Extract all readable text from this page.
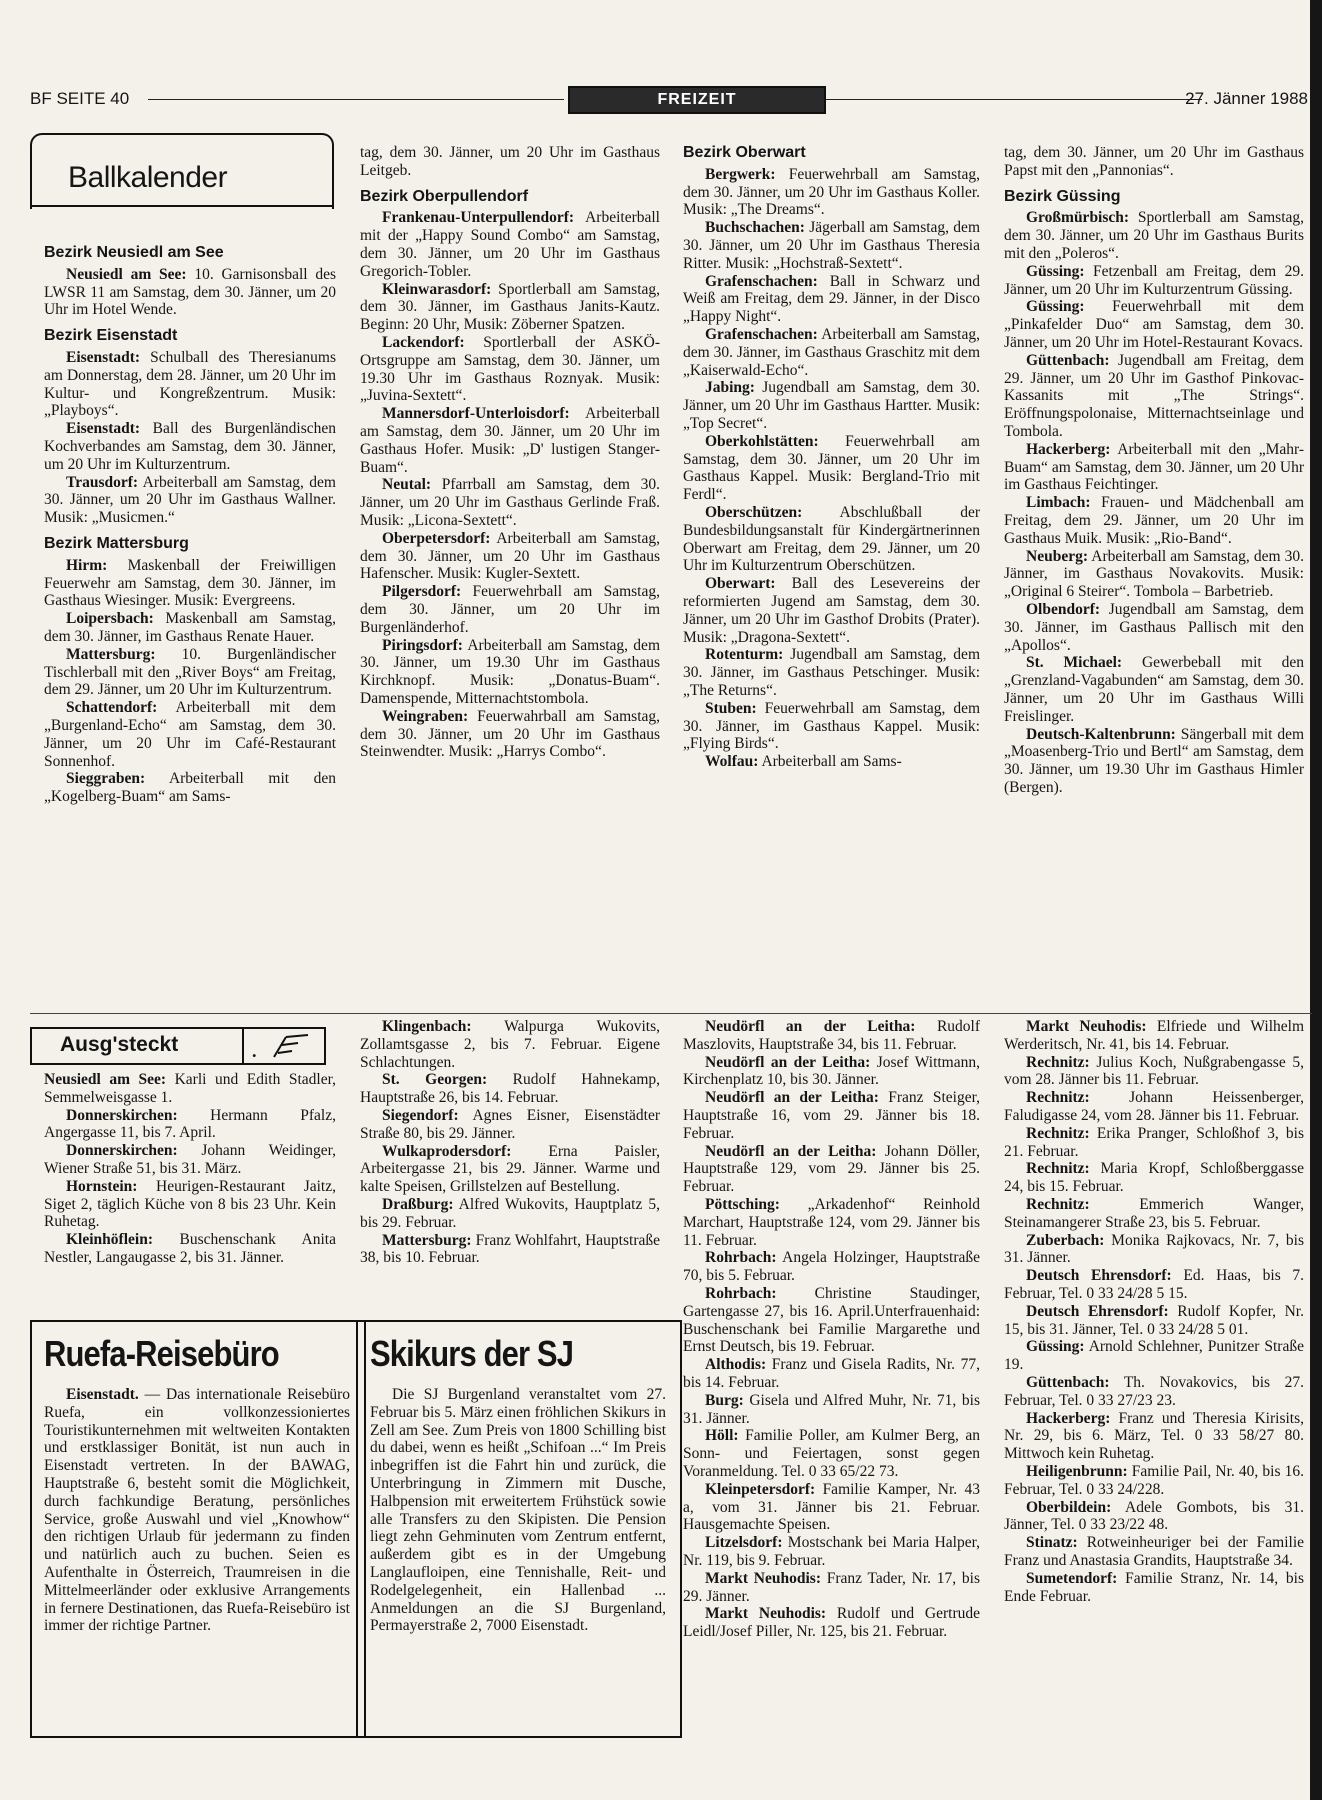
BF SEITE 40	FREIZEIT	27. Jänner 1988
Ballkalender
Bezirk Neusiedl am See

Neusiedl am See: 10. Garnisonsball des LWSR 11 am Samstag, dem 30. Jänner, um 20 Uhr im Hotel Wende.

Bezirk Eisenstadt

Eisenstadt: Schulball des Theresianums am Donnerstag, dem 28. Jänner, um 20 Uhr im Kultur- und Kongreßzentrum. Musik: „Playboys“.

Eisenstadt: Ball des Burgenländischen Kochverbandes am Samstag, dem 30. Jänner, um 20 Uhr im Kulturzentrum.

Trausdorf: Arbeiterball am Samstag, dem 30. Jänner, um 20 Uhr im Gasthaus Wallner. Musik: „Musicmen.“

Bezirk Mattersburg

Hirm: Maskenball der Freiwilligen Feuerwehr am Samstag, dem 30. Jänner, im Gasthaus Wiesinger. Musik: Evergreens.

Loipersbach: Maskenball am Samstag, dem 30. Jänner, im Gasthaus Renate Hauer.

Mattersburg: 10. Burgenländischer Tischlerball mit den „River Boys“ am Freitag, dem 29. Jänner, um 20 Uhr im Kulturzentrum.

Schattendorf: Arbeiterball mit dem „Burgenland-Echo“ am Samstag, dem 30. Jänner, um 20 Uhr im Café-Restaurant Sonnenhof.

Sieggraben: Arbeiterball mit den „Kogelberg-Buam“ am Sams-

tag, dem 30. Jänner, um 20 Uhr im Gasthaus Leitgeb.

Bezirk Oberpullendorf

Frankenau-Unterpullendorf: Arbeiterball mit der „Happy Sound Combo“ am Samstag, dem 30. Jänner, um 20 Uhr im Gasthaus Gregorich-Tobler.

Kleinwarasdorf: Sportlerball am Samstag, dem 30. Jänner, im Gasthaus Janits-Kautz. Beginn: 20 Uhr, Musik: Zöberner Spatzen.

Lackendorf: Sportlerball der ASKÖ-Ortsgruppe am Samstag, dem 30. Jänner, um 19.30 Uhr im Gasthaus Roznyak. Musik: „Juvina-Sextett“.

Mannersdorf-Unterloisdorf: Arbeiterball am Samstag, dem 30. Jänner, um 20 Uhr im Gasthaus Hofer. Musik: „D' lustigen Stanger-Buam“.

Neutal: Pfarrball am Samstag, dem 30. Jänner, um 20 Uhr im Gasthaus Gerlinde Fraß. Musik: „Licona-Sextett“.

Oberpetersdorf: Arbeiterball am Samstag, dem 30. Jänner, um 20 Uhr im Gasthaus Hafenscher. Musik: Kugler-Sextett.

Pilgersdorf: Feuerwehrball am Samstag, dem 30. Jänner, um 20 Uhr im Burgenländerhof.

Piringsdorf: Arbeiterball am Samstag, dem 30. Jänner, um 19.30 Uhr im Gasthaus Kirchknopf. Musik: „Donatus-Buam“. Damenspende, Mitternachtstombola.

Weingraben: Feuerwahrball am Samstag, dem 30. Jänner, um 20 Uhr im Gasthaus Steinwendter. Musik: „Harrys Combo“.

Bezirk Oberwart

Bergwerk: Feuerwehrball am Samstag, dem 30. Jänner, um 20 Uhr im Gasthaus Koller. Musik: „The Dreams“.

Buchschachen: Jägerball am Samstag, dem 30. Jänner, um 20 Uhr im Gasthaus Theresia Ritter. Musik: „Hochstraß-Sextett“.

Grafenschachen: Ball in Schwarz und Weiß am Freitag, dem 29. Jänner, in der Disco „Happy Night“.

Grafenschachen: Arbeiterball am Samstag, dem 30. Jänner, im Gasthaus Graschitz mit dem „Kaiserwald-Echo“.

Jabing: Jugendball am Samstag, dem 30. Jänner, um 20 Uhr im Gasthaus Hartter. Musik: „Top Secret“.

Oberkohlstätten: Feuerwehrball am Samstag, dem 30. Jänner, um 20 Uhr im Gasthaus Kappel. Musik: Bergland-Trio mit Ferdl“.

Oberschützen: Abschlußball der Bundesbildungsanstalt für Kindergärtnerinnen Oberwart am Freitag, dem 29. Jänner, um 20 Uhr im Kulturzentrum Oberschützen.

Oberwart: Ball des Lesevereins der reformierten Jugend am Samstag, dem 30. Jänner, um 20 Uhr im Gasthof Drobits (Prater). Musik: „Dragona-Sextett“.

Rotenturm: Jugendball am Samstag, dem 30. Jänner, im Gasthaus Petschinger. Musik: „The Returns“.

Stuben: Feuerwehrball am Samstag, dem 30. Jänner, im Gasthaus Kappel. Musik: „Flying Birds“.

Wolfau: Arbeiterball am Sams-

tag, dem 30. Jänner, um 20 Uhr im Gasthaus Papst mit den „Pannonias“.

Bezirk Güssing

Großmürbisch: Sportlerball am Samstag, dem 30. Jänner, um 20 Uhr im Gasthaus Burits mit den „Poleros“.

Güssing: Fetzenball am Freitag, dem 29. Jänner, um 20 Uhr im Kulturzentrum Güssing.

Güssing: Feuerwehrball mit dem „Pinkafelder Duo“ am Samstag, dem 30. Jänner, um 20 Uhr im Hotel-Restaurant Kovacs.

Güttenbach: Jugendball am Freitag, dem 29. Jänner, um 20 Uhr im Gasthof Pinkovac-Kassanits mit „The Strings“. Eröffnungspolonaise, Mitternachtseinlage und Tombola.

Hackerberg: Arbeiterball mit den „Mahr-Buam“ am Samstag, dem 30. Jänner, um 20 Uhr im Gasthaus Feichtinger.

Limbach: Frauen- und Mädchenball am Freitag, dem 29. Jänner, um 20 Uhr im Gasthaus Muik. Musik: „Rio-Band“.

Neuberg: Arbeiterball am Samstag, dem 30. Jänner, im Gasthaus Novakovits. Musik: „Original 6 Steirer“. Tombola – Barbetrieb.

Olbendorf: Jugendball am Samstag, dem 30. Jänner, im Gasthaus Pallisch mit den „Apollos“.

St. Michael: Gewerbeball mit den „Grenzland-Vagabunden“ am Samstag, dem 30. Jänner, um 20 Uhr im Gasthaus Willi Freislinger.

Deutsch-Kaltenbrunn: Sängerball mit dem „Moasenberg-Trio und Bertl“ am Samstag, dem 30. Jänner, um 19.30 Uhr im Gasthaus Himler (Bergen).

Ausg'steckt	.

Neusiedl am See: Karli und Edith Stadler, Semmelweisgasse 1.

Donnerskirchen: Hermann Pfalz, Angergasse 11, bis 7. April.

Donnerskirchen: Johann Weidinger, Wiener Straße 51, bis 31. März.

Hornstein: Heurigen-Restaurant Jaitz, Siget 2, täglich Küche von 8 bis 23 Uhr. Kein Ruhetag.

Kleinhöflein: Buschenschank Anita Nestler, Langaugasse 2, bis 31. Jänner.

Klingenbach: Walpurga Wukovits, Zollamtsgasse 2, bis 7. Februar. Eigene Schlachtungen.

St. Georgen: Rudolf Hahnekamp, Hauptstraße 26, bis 14. Februar.

Siegendorf: Agnes Eisner, Eisenstädter Straße 80, bis 29. Jänner.

Wulkaprodersdorf: Erna Paisler, Arbeitergasse 21, bis 29. Jänner. Warme und kalte Speisen, Grillstelzen auf Bestellung.

Draßburg: Alfred Wukovits, Hauptplatz 5, bis 29. Februar.

Mattersburg: Franz Wohlfahrt, Hauptstraße 38, bis 10. Februar.

Neudörfl an der Leitha: Rudolf Maszlovits, Hauptstraße 34, bis 11. Februar.

Neudörfl an der Leitha: Josef Wittmann, Kirchenplatz 10, bis 30. Jänner.

Neudörfl an der Leitha: Franz Steiger, Hauptstraße 16, vom 29. Jänner bis 18. Februar.

Neudörfl an der Leitha: Johann Döller, Hauptstraße 129, vom 29. Jänner bis 25. Februar.

Pöttsching: „Arkadenhof“ Reinhold Marchart, Hauptstraße 124, vom 29. Jänner bis 11. Februar.

Rohrbach: Angela Holzinger, Hauptstraße 70, bis 5. Februar.

Rohrbach: Christine Staudinger, Gartengasse 27, bis 16. April.Unterfrauenhaid: Buschenschank bei Familie Margarethe und Ernst Deutsch, bis 19. Februar.

Althodis: Franz und Gisela Radits, Nr. 77, bis 14. Februar.

Burg: Gisela und Alfred Muhr, Nr. 71, bis 31. Jänner.

Höll: Familie Poller, am Kulmer Berg, an Sonn- und Feiertagen, sonst gegen Voranmeldung. Tel. 0 33 65/22 73.

Kleinpetersdorf: Familie Kamper, Nr. 43 a, vom 31. Jänner bis 21. Februar. Hausgemachte Speisen.

Litzelsdorf: Mostschank bei Maria Halper, Nr. 119, bis 9. Februar.

Markt Neuhodis: Franz Tader, Nr. 17, bis 29. Jänner.

Markt Neuhodis: Rudolf und Gertrude Leidl/Josef Piller, Nr. 125, bis 21. Februar.

Markt Neuhodis: Elfriede und Wilhelm Werderitsch, Nr. 41, bis 14. Februar.

Rechnitz: Julius Koch, Nußgrabengasse 5, vom 28. Jänner bis 11. Februar.

Rechnitz:	Johann Heissenberger, Faludigasse 24, vom 28. Jänner bis 11. Februar.

Rechnitz: Erika Pranger, Schloßhof 3, bis 21. Februar.

Rechnitz: Maria Kropf, Schloßberggasse 24, bis 15. Februar.

Rechnitz:	Emmerich Wanger, Steinamangerer Straße 23, bis 5. Februar.

Zuberbach: Monika Rajkovacs, Nr. 7, bis 31. Jänner.

Deutsch Ehrensdorf: Ed. Haas, bis 7. Februar, Tel. 0 33 24/28 5 15.

Deutsch Ehrensdorf: Rudolf Kopfer, Nr. 15, bis 31. Jänner, Tel. 0 33 24/28 5 01.

Güssing: Arnold Schlehner, Punitzer Straße 19.

Güttenbach: Th. Novakovics, bis 27. Februar, Tel. 0 33 27/23 23.

Hackerberg: Franz und Theresia Kirisits, Nr. 29, bis 6. März, Tel. 0 33 58/27 80. Mittwoch kein Ruhetag.

Heiligenbrunn: Familie Pail, Nr. 40, bis 16. Februar, Tel. 0 33 24/228.

Oberbildein: Adele Gombots, bis 31. Jänner, Tel. 0 33 23/22 48.

Stinatz: Rotweinheuriger bei der Familie Franz und Anastasia Grandits, Hauptstraße 34.

Sumetendorf: Familie Stranz, Nr. 14, bis Ende Februar.

Ruefa-Reisebüro

Eisenstadt. — Das internationale Reisebüro Ruefa, ein vollkonzessioniertes Touristikunternehmen mit weltweiten Kontakten und erstklassiger Bonität, ist nun auch in Eisenstadt vertreten. In der BAWAG, Hauptstraße 6, besteht somit die Möglichkeit, durch fachkundige Beratung, persönliches Service, große Auswahl und viel „Knowhow“ den richtigen Urlaub für jedermann zu finden und natürlich auch zu buchen. Seien es Aufenthalte in Österreich, Traumreisen in die Mittelmeerländer oder exklusive Arrangements in fernere Destinationen, das Ruefa-Reisebüro ist immer der richtige Partner.

Skikurs der SJ

Die SJ Burgenland veranstaltet vom 27. Februar bis 5. März einen fröhlichen Skikurs in Zell am See. Zum Preis von 1800 Schilling bist du dabei, wenn es heißt „Schifoan ...“ Im Preis inbegriffen ist die Fahrt hin und zurück, die Unterbringung in Zimmern mit Dusche, Halbpension mit erweitertem Frühstück sowie alle Transfers zu den Skipisten. Die Pension liegt zehn Gehminuten vom Zentrum entfernt, außerdem gibt es in der Umgebung Langlaufloipen, eine Tennishalle, Reit- und Rodelgelegenheit, ein Hallenbad ... Anmeldungen an die SJ Burgenland, Permayerstraße 2, 7000 Eisenstadt.
